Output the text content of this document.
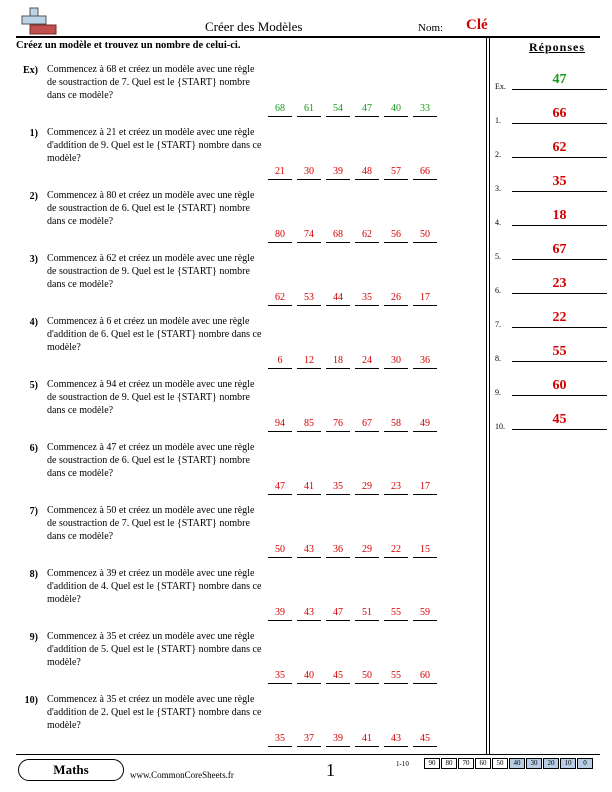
Créer des Modèles	Nom: Clé
Créez un modèle et trouvez un nombre de celui-ci.	Réponses
Ex) Commencez à 68 et créez un modèle avec une règle de soustraction de 7. Quel est le {START} nombre dans ce modèle?
68	61	54	47	40	33
1) Commencez à 21 et créez un modèle avec une règle d'addition de 9. Quel est le {START} nombre dans ce modèle?
21	30	39	48	57	66
2) Commencez à 80 et créez un modèle avec une règle de soustraction de 6. Quel est le {START} nombre dans ce modèle?
80	74	68	62	56	50
3) Commencez à 62 et créez un modèle avec une règle de soustraction de 9. Quel est le {START} nombre dans ce modèle?
62	53	44	35	26	17
4) Commencez à 6 et créez un modèle avec une règle d'addition de 6. Quel est le {START} nombre dans ce modèle?
6	12	18	24	30	36
5) Commencez à 94 et créez un modèle avec une règle de soustraction de 9. Quel est le {START} nombre dans ce modèle?
94	85	76	67	58	49
6) Commencez à 47 et créez un modèle avec une règle de soustraction de 6. Quel est le {START} nombre dans ce modèle?
47	41	35	29	23	17
7) Commencez à 50 et créez un modèle avec une règle de soustraction de 7. Quel est le {START} nombre dans ce modèle?
50	43	36	29	22	15
8) Commencez à 39 et créez un modèle avec une règle d'addition de 4. Quel est le {START} nombre dans ce modèle?
39	43	47	51	55	59
9) Commencez à 35 et créez un modèle avec une règle d'addition de 5. Quel est le {START} nombre dans ce modèle?
35	40	45	50	55	60
10) Commencez à 35 et créez un modèle avec une règle d'addition de 2. Quel est le {START} nombre dans ce modèle?
35	37	39	41	43	45
Ex.	47
1.	66
2.	62
3.	35
4.	18
5.	67
6.	23
7.	22
8.	55
9.	60
10.	45
Maths	www.CommonCoreSheets.fr	1	1-10	90	80	70	60	50	40	30	20	10	0
